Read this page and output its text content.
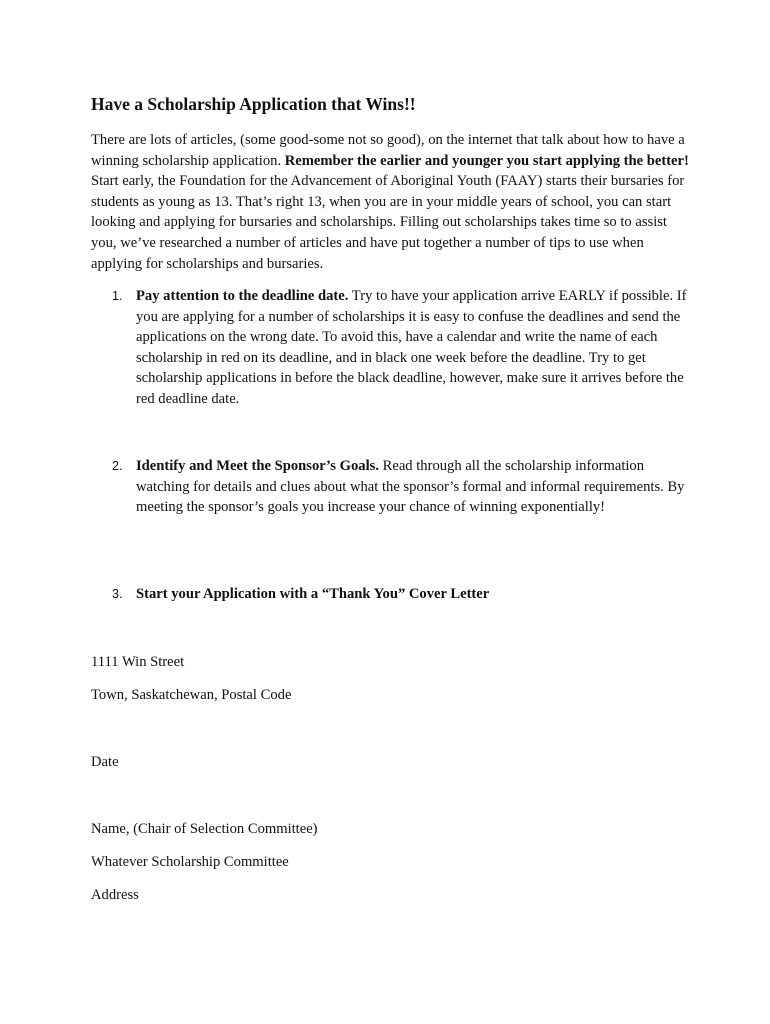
Have a Scholarship Application that Wins!!

There are lots of articles, (some good-some not so good), on the internet that talk about how to have a winning scholarship application. Remember the earlier and younger you start applying the better! Start early, the Foundation for the Advancement of Aboriginal Youth (FAAY) starts their bursaries for students as young as 13. That’s right 13, when you are in your middle years of school, you can start looking and applying for bursaries and scholarships. Filling out scholarships takes time so to assist you, we’ve researched a number of articles and have put together a number of tips to use when applying for scholarships and bursaries.

1. Pay attention to the deadline date. Try to have your application arrive EARLY if possible. If you are applying for a number of scholarships it is easy to confuse the deadlines and send the applications on the wrong date. To avoid this, have a calendar and write the name of each scholarship in red on its deadline, and in black one week before the deadline. Try to get scholarship applications in before the black deadline, however, make sure it arrives before the red deadline date.
2. Identify and Meet the Sponsor’s Goals. Read through all the scholarship information watching for details and clues about what the sponsor’s formal and informal requirements. By meeting the sponsor’s goals you increase your chance of winning exponentially!
3. Start your Application with a “Thank You” Cover Letter

1111 Win Street

Town, Saskatchewan, Postal Code

Date

Name, (Chair of Selection Committee)

Whatever Scholarship Committee

Address
